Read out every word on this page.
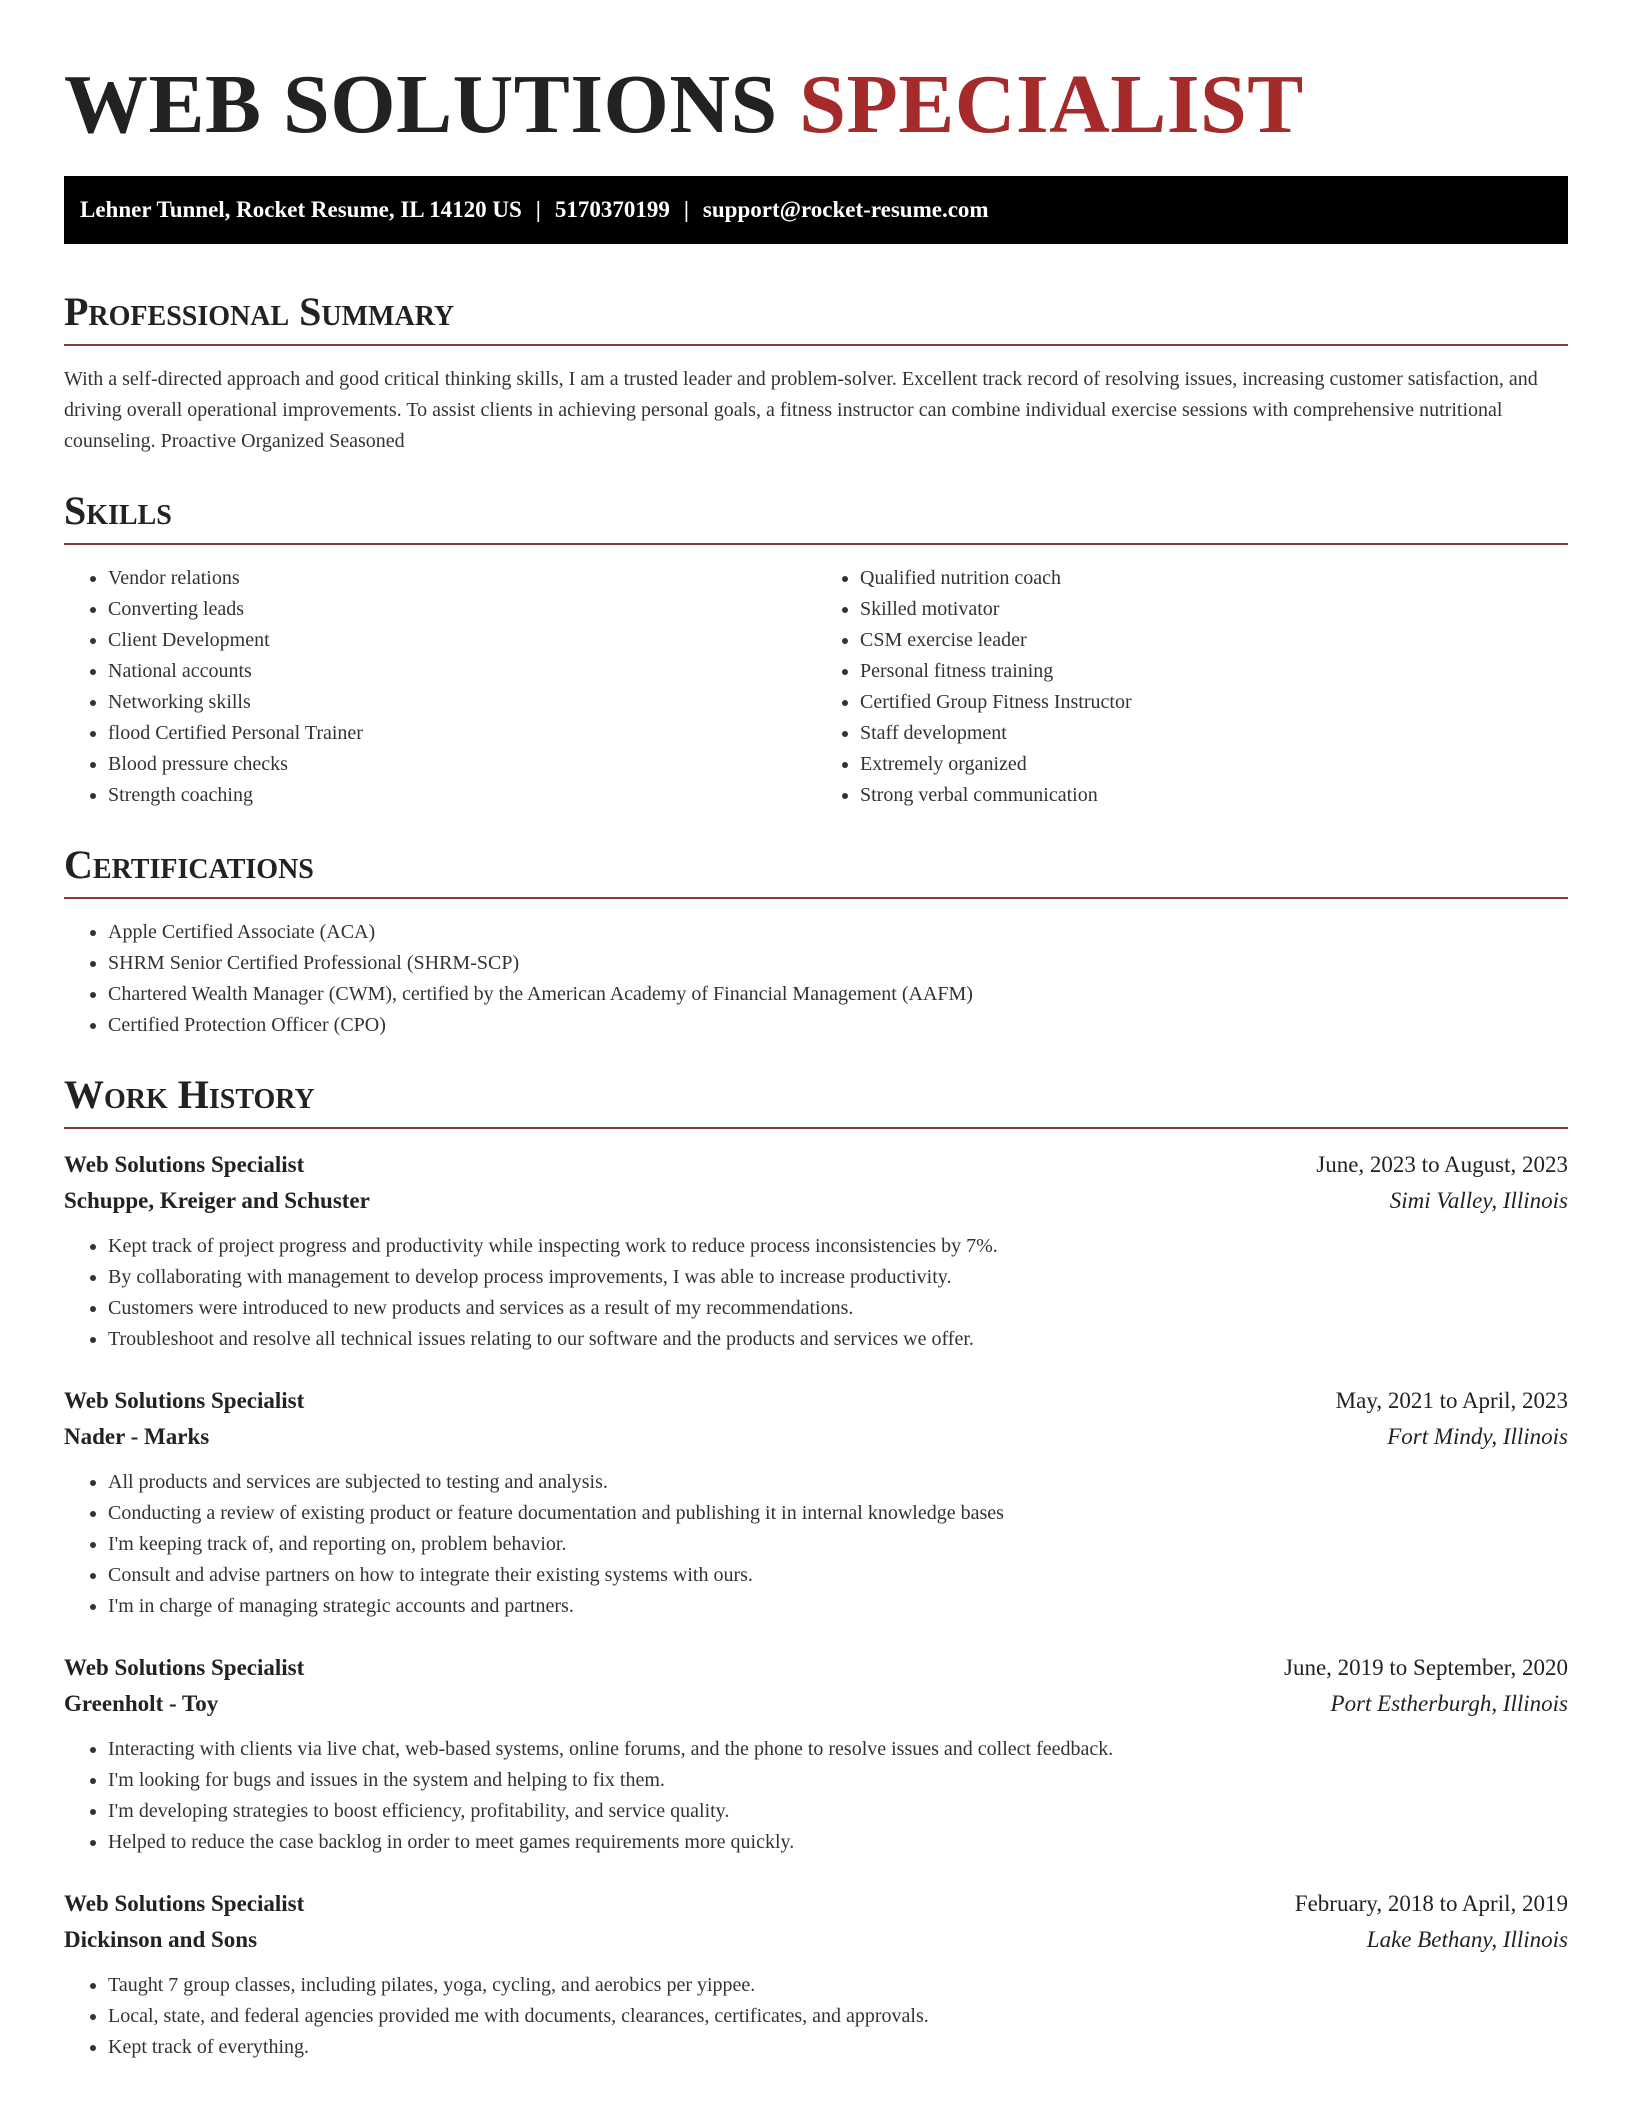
WEB SOLUTIONS SPECIALIST
Lehner Tunnel, Rocket Resume, IL 14120 US | 5170370199 | support@rocket-resume.com
Professional Summary

With a self-directed approach and good critical thinking skills, I am a trusted leader and problem-solver. Excellent track record of resolving issues, increasing customer satisfaction, and driving overall operational improvements. To assist clients in achieving personal goals, a fitness instructor can combine individual exercise sessions with comprehensive nutritional counseling. Proactive Organized Seasoned

Skills
• Vendor relations
• Converting leads
• Client Development
• National accounts
• Networking skills
• flood Certified Personal Trainer
• Blood pressure checks
• Strength coaching
• Qualified nutrition coach
• Skilled motivator
• CSM exercise leader
• Personal fitness training
• Certified Group Fitness Instructor
• Staff development
• Extremely organized
• Strong verbal communication
Certifications
• Apple Certified Associate (ACA)
• SHRM Senior Certified Professional (SHRM-SCP)
• Chartered Wealth Manager (CWM), certified by the American Academy of Financial Management (AAFM)
• Certified Protection Officer (CPO)
Work History
Web Solutions Specialist	June, 2023 to August, 2023
Schuppe, Kreiger and Schuster	Simi Valley, Illinois
• Kept track of project progress and productivity while inspecting work to reduce process inconsistencies by 7%.
• By collaborating with management to develop process improvements, I was able to increase productivity.
• Customers were introduced to new products and services as a result of my recommendations.
• Troubleshoot and resolve all technical issues relating to our software and the products and services we offer.
Web Solutions Specialist	May, 2021 to April, 2023
Nader - Marks	Fort Mindy, Illinois
• All products and services are subjected to testing and analysis.
• Conducting a review of existing product or feature documentation and publishing it in internal knowledge bases
• I'm keeping track of, and reporting on, problem behavior.
• Consult and advise partners on how to integrate their existing systems with ours.
• I'm in charge of managing strategic accounts and partners.
Web Solutions Specialist	June, 2019 to September, 2020
Greenholt - Toy	Port Estherburgh, Illinois
• Interacting with clients via live chat, web-based systems, online forums, and the phone to resolve issues and collect feedback.
• I'm looking for bugs and issues in the system and helping to fix them.
• I'm developing strategies to boost efficiency, profitability, and service quality.
• Helped to reduce the case backlog in order to meet games requirements more quickly.
Web Solutions Specialist	February, 2018 to April, 2019
Dickinson and Sons	Lake Bethany, Illinois
• Taught 7 group classes, including pilates, yoga, cycling, and aerobics per yippee.
• Local, state, and federal agencies provided me with documents, clearances, certificates, and approvals.
• Kept track of everything.
